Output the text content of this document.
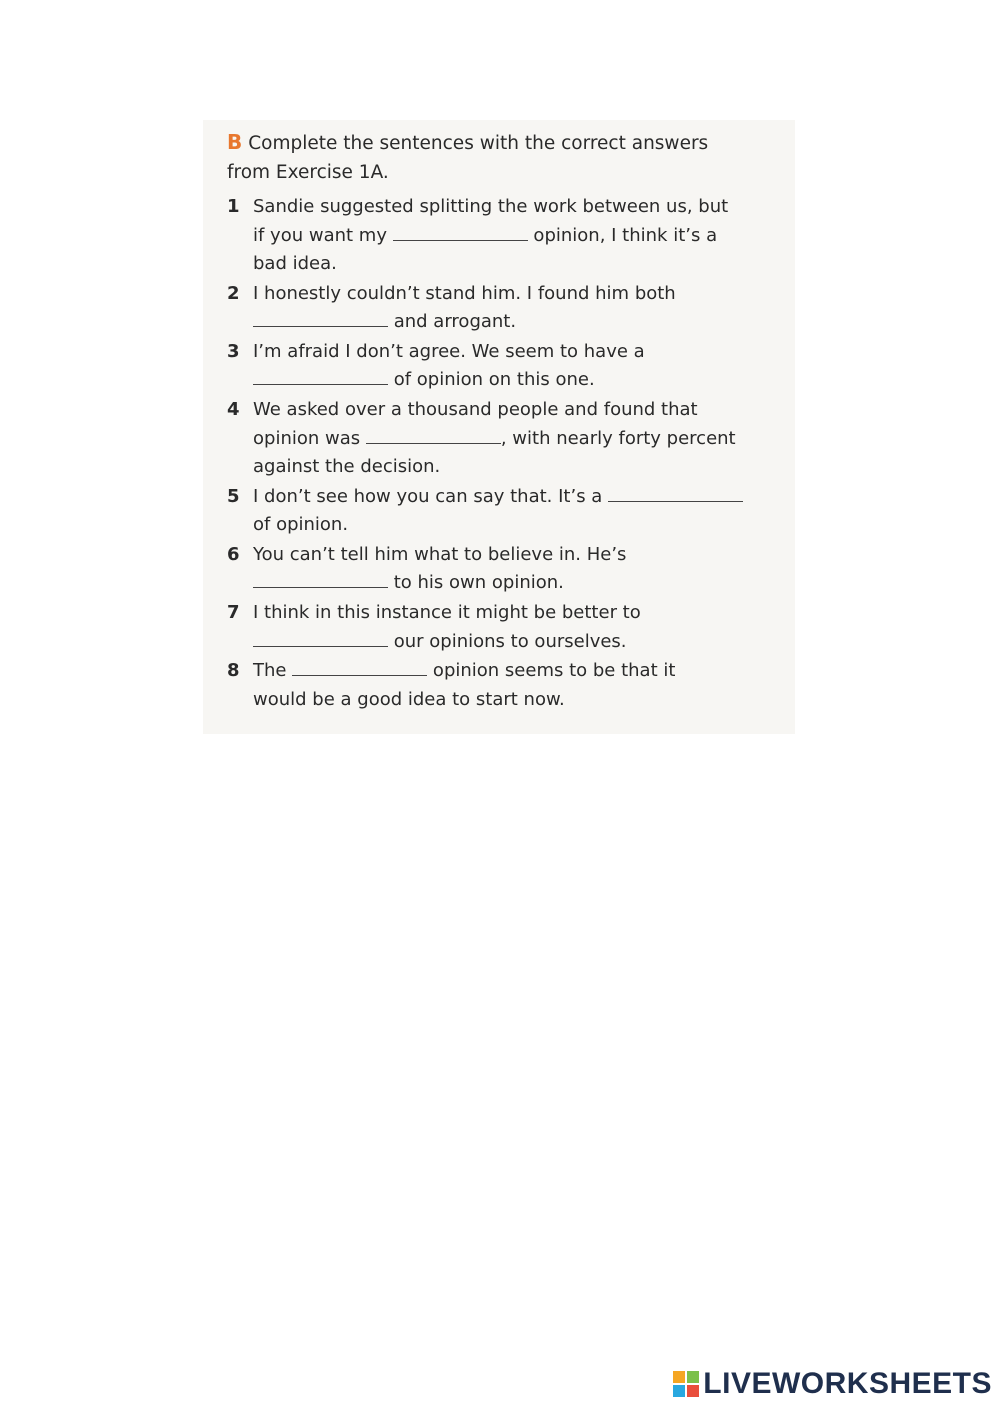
B Complete the sentences with the correct answers
from Exercise 1A.
1 Sandie suggested splitting the work between us, but
if you want my	opinion, I think it’s a
bad idea.
2 I honestly couldn’t stand him. I found him both
and arrogant.
3 I’m afraid I don’t agree. We seem to have a
of opinion on this one.
4 We asked over a thousand people and found that
opinion was	, with nearly forty percent
against the decision.
5 I don’t see how you can say that. It’s a
of opinion.
6 You can’t tell him what to believe in. He’s
to his own opinion.
7 I think in this instance it might be better to
our opinions to ourselves.
8 The	opinion seems to be that it
would be a good idea to start now.
LIVEWORKSHEETS
